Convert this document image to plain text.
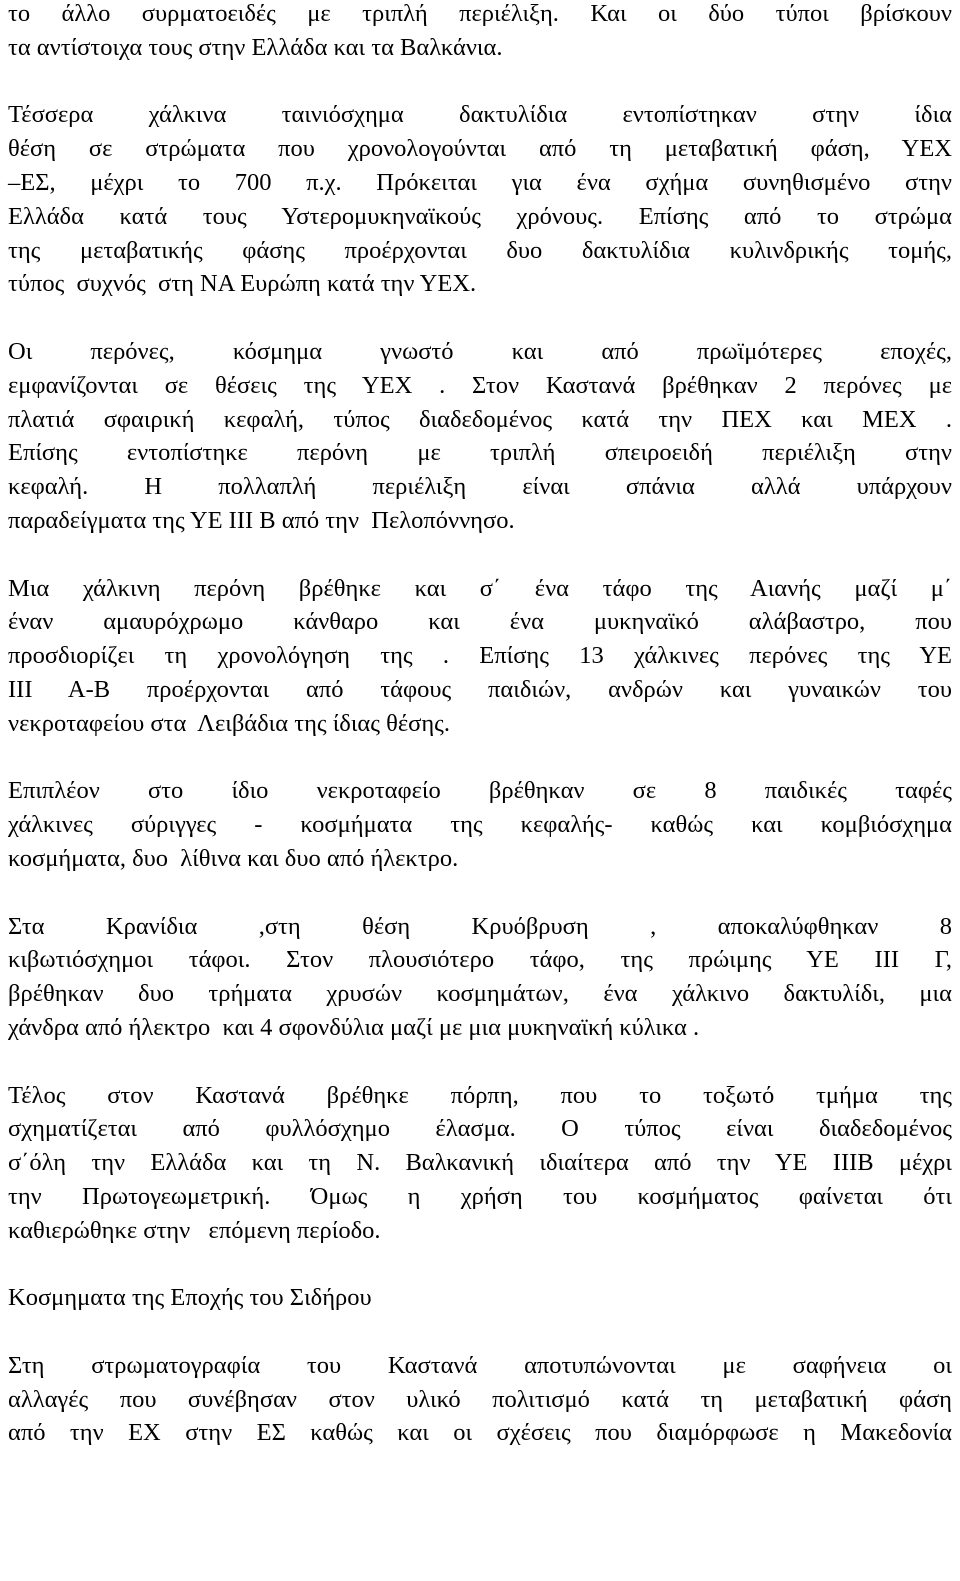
το άλλο συρματοειδές με τριπλή περιέλιξη. Και οι δύο τύποι βρίσκουν
τα αντίστοιχα τους στην Ελλάδα και τα Βαλκάνια.
Τέσσερα χάλκινα ταινιόσχημα δακτυλίδια εντοπίστηκαν στην ίδια
θέση σε στρώματα που χρονολογούνται από τη μεταβατική φάση, ΥΕΧ
–ΕΣ, μέχρι το 700 π.χ. Πρόκειται για ένα σχήμα συνηθισμένο στην
Ελλάδα κατά τους Υστερομυκηναϊκούς χρόνους. Επίσης από το στρώμα
της μεταβατικής φάσης προέρχονται δυο δακτυλίδια κυλινδρικής τομής,
τύπος  συχνός  στη ΝΑ Ευρώπη κατά την ΥΕΧ.
Οι περόνες, κόσμημα γνωστό και από πρωϊμότερες εποχές,
εμφανίζονται σε θέσεις της ΥΕΧ . Στον Καστανά βρέθηκαν 2 περόνες με
πλατιά σφαιρική κεφαλή, τύπος διαδεδομένος κατά την ΠΕΧ και ΜΕΧ .
Επίσης εντοπίστηκε περόνη με τριπλή σπειροειδή περιέλιξη στην
κεφαλή. Η πολλαπλή περιέλιξη είναι σπάνια αλλά υπάρχουν
παραδείγματα της ΥΕ ΙΙΙ Β από την  Πελοπόννησο.
Μια χάλκινη περόνη βρέθηκε και σ΄ ένα τάφο της Αιανής μαζί μ΄
έναν αμαυρόχρωμο κάνθαρο και ένα μυκηναϊκό αλάβαστρο, που
προσδιορίζει τη χρονολόγηση της . Επίσης 13 χάλκινες περόνες της ΥΕ
ΙΙΙ Α-Β προέρχονται από τάφους παιδιών, ανδρών και γυναικών του
νεκροταφείου στα  Λειβάδια της ίδιας θέσης.
Επιπλέον στο ίδιο νεκροταφείο βρέθηκαν σε 8 παιδικές ταφές
χάλκινες σύριγγες - κοσμήματα της κεφαλής- καθώς και κομβιόσχημα
κοσμήματα, δυο  λίθινα και δυο από ήλεκτρο.
Στα Κρανίδια ,στη θέση Κρυόβρυση , αποκαλύφθηκαν 8
κιβωτιόσχημοι τάφοι. Στον πλουσιότερο τάφο, της πρώιμης ΥΕ ΙΙΙ Γ,
βρέθηκαν δυο τρήματα χρυσών κοσμημάτων, ένα χάλκινο δακτυλίδι, μια
χάνδρα από ήλεκτρο  και 4 σφονδύλια μαζί με μια μυκηναϊκή κύλικα .
Τέλος στον Καστανά βρέθηκε πόρπη, που το τοξωτό τμήμα της
σχηματίζεται από φυλλόσχημο έλασμα. Ο τύπος είναι διαδεδομένος
σ΄όλη την Ελλάδα και τη Ν. Βαλκανική ιδιαίτερα από την ΥΕ ΙΙΙΒ μέχρι
την Πρωτογεωμετρική. Όμως η χρήση του κοσμήματος φαίνεται ότι
καθιερώθηκε στην   επόμενη περίοδο.
Κοσμηματα της Εποχής του Σιδήρου
Στη στρωματογραφία του Καστανά αποτυπώνονται με σαφήνεια οι
αλλαγές που συνέβησαν στον υλικό πολιτισμό κατά τη μεταβατική φάση
από την ΕΧ στην ΕΣ καθώς και οι σχέσεις που διαμόρφωσε η Μακεδονία
